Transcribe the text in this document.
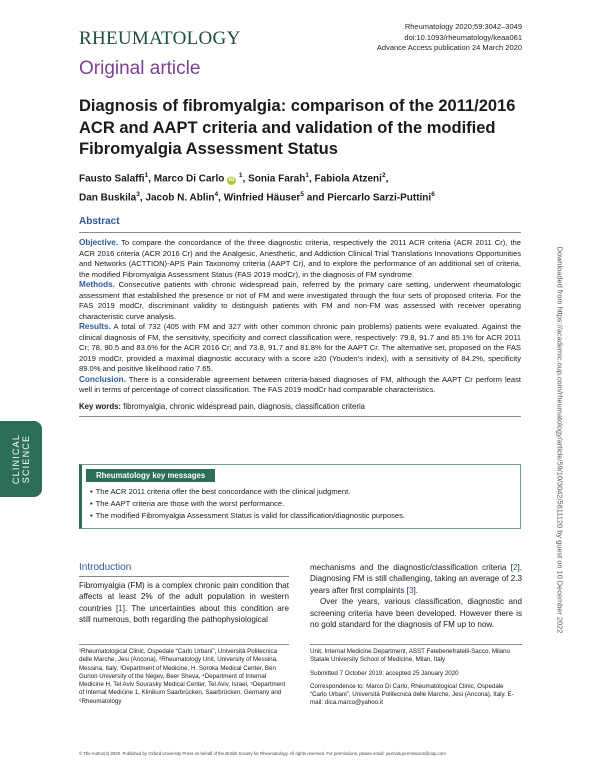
RHEUMATOLOGY
Rheumatology 2020;59:3042–3049
doi:10.1093/rheumatology/keaa061
Advance Access publication 24 March 2020
Original article
Diagnosis of fibromyalgia: comparison of the 2011/2016 ACR and AAPT criteria and validation of the modified Fibromyalgia Assessment Status
Fausto Salaffi$^1$, Marco Di Carlo iD $^1$, Sonia Farah$^1$, Fabiola Atzeni$^2$,
Dan Buskila$^3$, Jacob N. Ablin$^4$, Winfried Häuser$^5$ and Piercarlo Sarzi-Puttini$^6$
Abstract

Objective. To compare the concordance of the three diagnostic criteria, respectively the 2011 ACR criteria (ACR 2011 Cr), the ACR 2016 criteria (ACR 2016 Cr) and the Analgesic, Anesthetic, and Addiction Clinical Trial Translations Innovations Opportunities and Networks (ACTTION)-APS Pain Taxonomy criteria (AAPT Cr), and to explore the performance of an additional set of criteria, the modified Fibromyalgia Assessment Status (FAS 2019 modCr), in the diagnosis of FM syndrome.

Methods. Consecutive patients with chronic widespread pain, referred by the primary care setting, underwent rheumatologic assessment that established the presence or not of FM and were investigated through the four sets of proposed criteria. For the FAS 2019 modCr, discriminant validity to distinguish patients with FM and non-FM was assessed with receiver operating characteristic curve analysis.

Results. A total of 732 (405 with FM and 327 with other common chronic pain problems) patients were evaluated. Against the clinical diagnosis of FM, the sensitivity, specificity and correct classification were, respectively: 79.8, 91.7 and 85.1% for ACR 2011 Cr; 78, 90.5 and 83.6% for the ACR 2016 Cr; and 73.8, 91.7 and 81.8% for the AAPT Cr. The alternative set, proposed on the FAS 2019 modCr, provided a maximal diagnostic accuracy with a score ≥20 (Youden’s index), with a sensitivity of 84.2%, specificity 89.0% and positive likelihood ratio 7.65.

Conclusion. There is a considerable agreement between criteria-based diagnoses of FM, although the AAPT Cr perform least well in terms of percentage of correct classification. The FAS 2019 modCr had comparable characteristics.

Key words: fibromyalgia, chronic widespread pain, diagnosis, classification criteria
CLINICAL SCIENCE	Rheumatology key messages
• The ACR 2011 criteria offer the best concordance with the clinical judgment.
• The AAPT criteria are those with the worst performance.
• The modified Fibromyalgia Assessment Status is valid for classification/diagnostic purposes.
Introduction
Fibromyalgia (FM) is a complex chronic pain condition that affects at least 2% of the adult population in western countries [1]. The uncertainties about this condition are still numerous, both regarding the pathophysiological

mechanisms and the diagnostic/classification criteria [2]. Diagnosing FM is still challenging, taking an average of 2.3 years after first complaints [3].

Over the years, various classification, diagnostic and screening criteria have been developed. However there is no gold standard for the diagnosis of FM up to now.

¹Rheumatological Clinic, Ospedale “Carlo Urbani”, Università Politecnica delle Marche, Jesi (Ancona), ²Rheumatology Unit, University of Messina, Messina, Italy, ³Department of Medicine, H. Soroka Medical Center, Ben Gurion University of the Negev, Beer Sheva, ⁴Department of Internal Medicine H, Tel Aviv Sourasky Medical Center, Tel Aviv, Israel, ⁵Department of Internal Medicine 1, Klinikum Saarbrücken, Saarbrücken, Germany and ⁶Rheumatology

Unit, Internal Medicine Department, ASST Fatebenefratelli-Sacco, Milano Statale University School of Medicine, Milan, Italy

Submitted 7 October 2019; accepted 25 January 2020

Correspondence to: Marco Di Carlo, Rheumatological Clinic, Ospedale “Carlo Urbani”, Università Politecnica delle Marche, Jesi (Ancona), Italy. E-mail: dica.marco@yahoo.it

© The Author(s) 2020. Published by Oxford University Press on behalf of the British Society for Rheumatology. All rights reserved. For permissions, please email: journals.permissions@oup.com
Downloaded from https://academic.oup.com/rheumatology/article/59/10/3042/5811120 by guest on 10 December 2022
